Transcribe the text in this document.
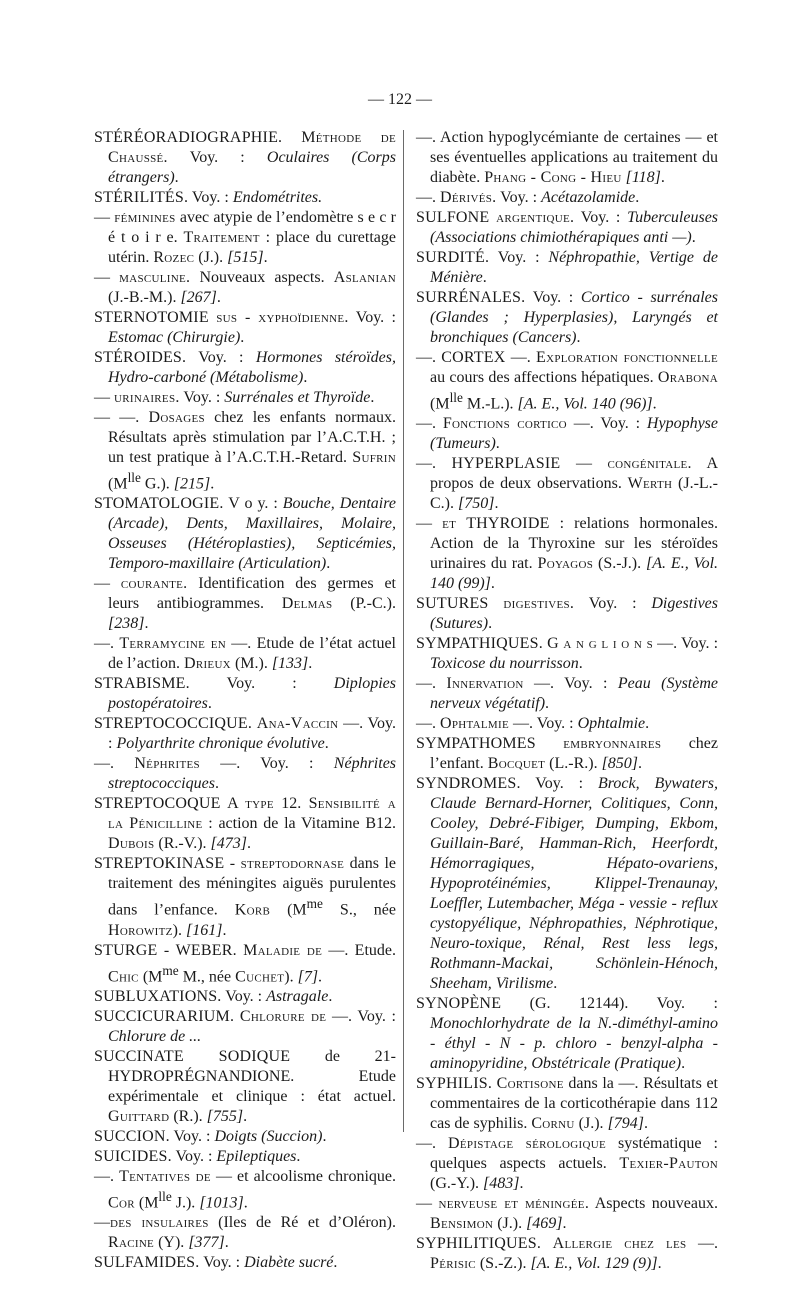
— 122 —

STÉRÉORADIOGRAPHIE. Méthode de Chaussé. Voy. : Oculaires (Corps étrangers).

STÉRILITÉS. Voy. : Endométrites.

— féminines avec atypie de l’endomètre s e c r é t o i r e. Traitement : place du curettage utérin. Rozec (J.). [515].

— masculine. Nouveaux aspects. Aslanian (J.-B.-M.). [267].

STERNOTOMIE sus - xyphoïdienne. Voy. : Estomac (Chirurgie).

STÉROIDES. Voy. : Hormones stéroïdes, Hydro-carboné (Métabolisme).

— urinaires. Voy. : Surrénales et Thyroïde.

— —. Dosages chez les enfants normaux. Résultats après stimulation par l’A.C.T.H. ; un test pratique à l’A.C.T.H.-Retard. Sufrin ($M^{lle}$ G.). [215].

STOMATOLOGIE. V o y. : Bouche, Dentaire (Arcade), Dents, Maxillaires, Molaire, Osseuses (Hétéroplasties), Septicémies, Temporo-maxillaire (Articulation).

— courante. Identification des germes et leurs antibiogrammes. Delmas (P.-C.). [238].

—. Terramycine en —. Etude de l’état actuel de l’action. Drieux (M.). [133].

STRABISME. Voy. : Diplopies postopératoires.

STREPTOCOCCIQUE. Ana-Vaccin —. Voy. : Polyarthrite chronique évolutive.

—. Néphrites —. Voy. : Néphrites streptococciques.

STREPTOCOQUE A type 12. Sensibilité a la Pénicilline : action de la Vitamine B12. Dubois (R.-V.). [473].

STREPTOKINASE - streptodornase dans le traitement des méningites aiguës purulentes dans l’enfance. Korb ($M^{me}$ S., née Horowitz). [161].

STURGE - WEBER. Maladie de —. Etude. Chic ($M^{me}$ M., née Cuchet). [7].

SUBLUXATIONS. Voy. : Astragale.

SUCCICURARIUM. Chlorure de —. Voy. : Chlorure de ...

SUCCINATE SODIQUE de 21-HYDROPRÉGNANDIONE. Etude expérimentale et clinique : état actuel. Guittard (R.). [755].

SUCCION. Voy. : Doigts (Succion).

SUICIDES. Voy. : Epileptiques.

—. Tentatives de — et alcoolisme chronique. Cor ($M^{lle}$ J.). [1013].

—des insulaires (Iles de Ré et d’Oléron). Racine (Y). [377].

SULFAMIDES. Voy. : Diabète sucré.

—. Action hypoglycémiante de certaines — et ses éventuelles applications au traitement du diabète. Phang - Cong - Hieu [118].

—. Dérivés. Voy. : Acétazolamide.

SULFONE argentique. Voy. : Tuberculeuses (Associations chimiothérapiques anti —).

SURDITÉ. Voy. : Néphropathie, Vertige de Ménière.

SURRÉNALES. Voy. : Cortico - surrénales (Glandes ; Hyperplasies), Laryngés et bronchiques (Cancers).

—. CORTEX —. Exploration fonctionnelle au cours des affections hépatiques. Orabona ($M^{lle}$ M.-L.). [A. E., Vol. 140 (96)].

—. Fonctions cortico —. Voy. : Hypophyse (Tumeurs).

—. HYPERPLASIE — congénitale. A propos de deux observations. Werth (J.-L.-C.). [750].

— et THYROIDE : relations hormonales. Action de la Thyroxine sur les stéroïdes urinaires du rat. Poyagos (S.-J.). [A. E., Vol. 140 (99)].

SUTURES digestives. Voy. : Digestives (Sutures).

SYMPATHIQUES. G a n g l i o n s —. Voy. : Toxicose du nourrisson.

—. Innervation —. Voy. : Peau (Système nerveux végétatif).

—. Ophtalmie —. Voy. : Ophtalmie.

SYMPATHOMES embryonnaires chez l’enfant. Bocquet (L.-R.). [850].

SYNDROMES. Voy. : Brock, Bywaters, Claude Bernard-Horner, Colitiques, Conn, Cooley, Debré-Fibiger, Dumping, Ekbom, Guillain-Baré, Hamman-Rich, Heerfordt, Hémorragiques, Hépato-ovariens, Hypoprotéinémies, Klippel-Trenaunay, Loeffler, Lutembacher, Méga - vessie - reflux cystopyélique, Néphropathies, Néphrotique, Neuro-toxique, Rénal, Rest less legs, Rothmann-Mackai, Schönlein-Hénoch, Sheeham, Virilisme.

SYNOPÈNE (G. 12144). Voy. : Monochlorhydrate de la N.-diméthyl-amino - éthyl - N - p. chloro - benzyl-alpha - aminopyridine, Obstétricale (Pratique).

SYPHILIS. Cortisone dans la —. Résultats et commentaires de la corticothérapie dans 112 cas de syphilis. Cornu (J.). [794].

—. Dépistage sérologique systématique : quelques aspects actuels. Texier-Pauton (G.-Y.). [483].

— nerveuse et méningée. Aspects nouveaux. Bensimon (J.). [469].

SYPHILITIQUES. Allergie chez les —. Périsic (S.-Z.). [A. E., Vol. 129 (9)].
